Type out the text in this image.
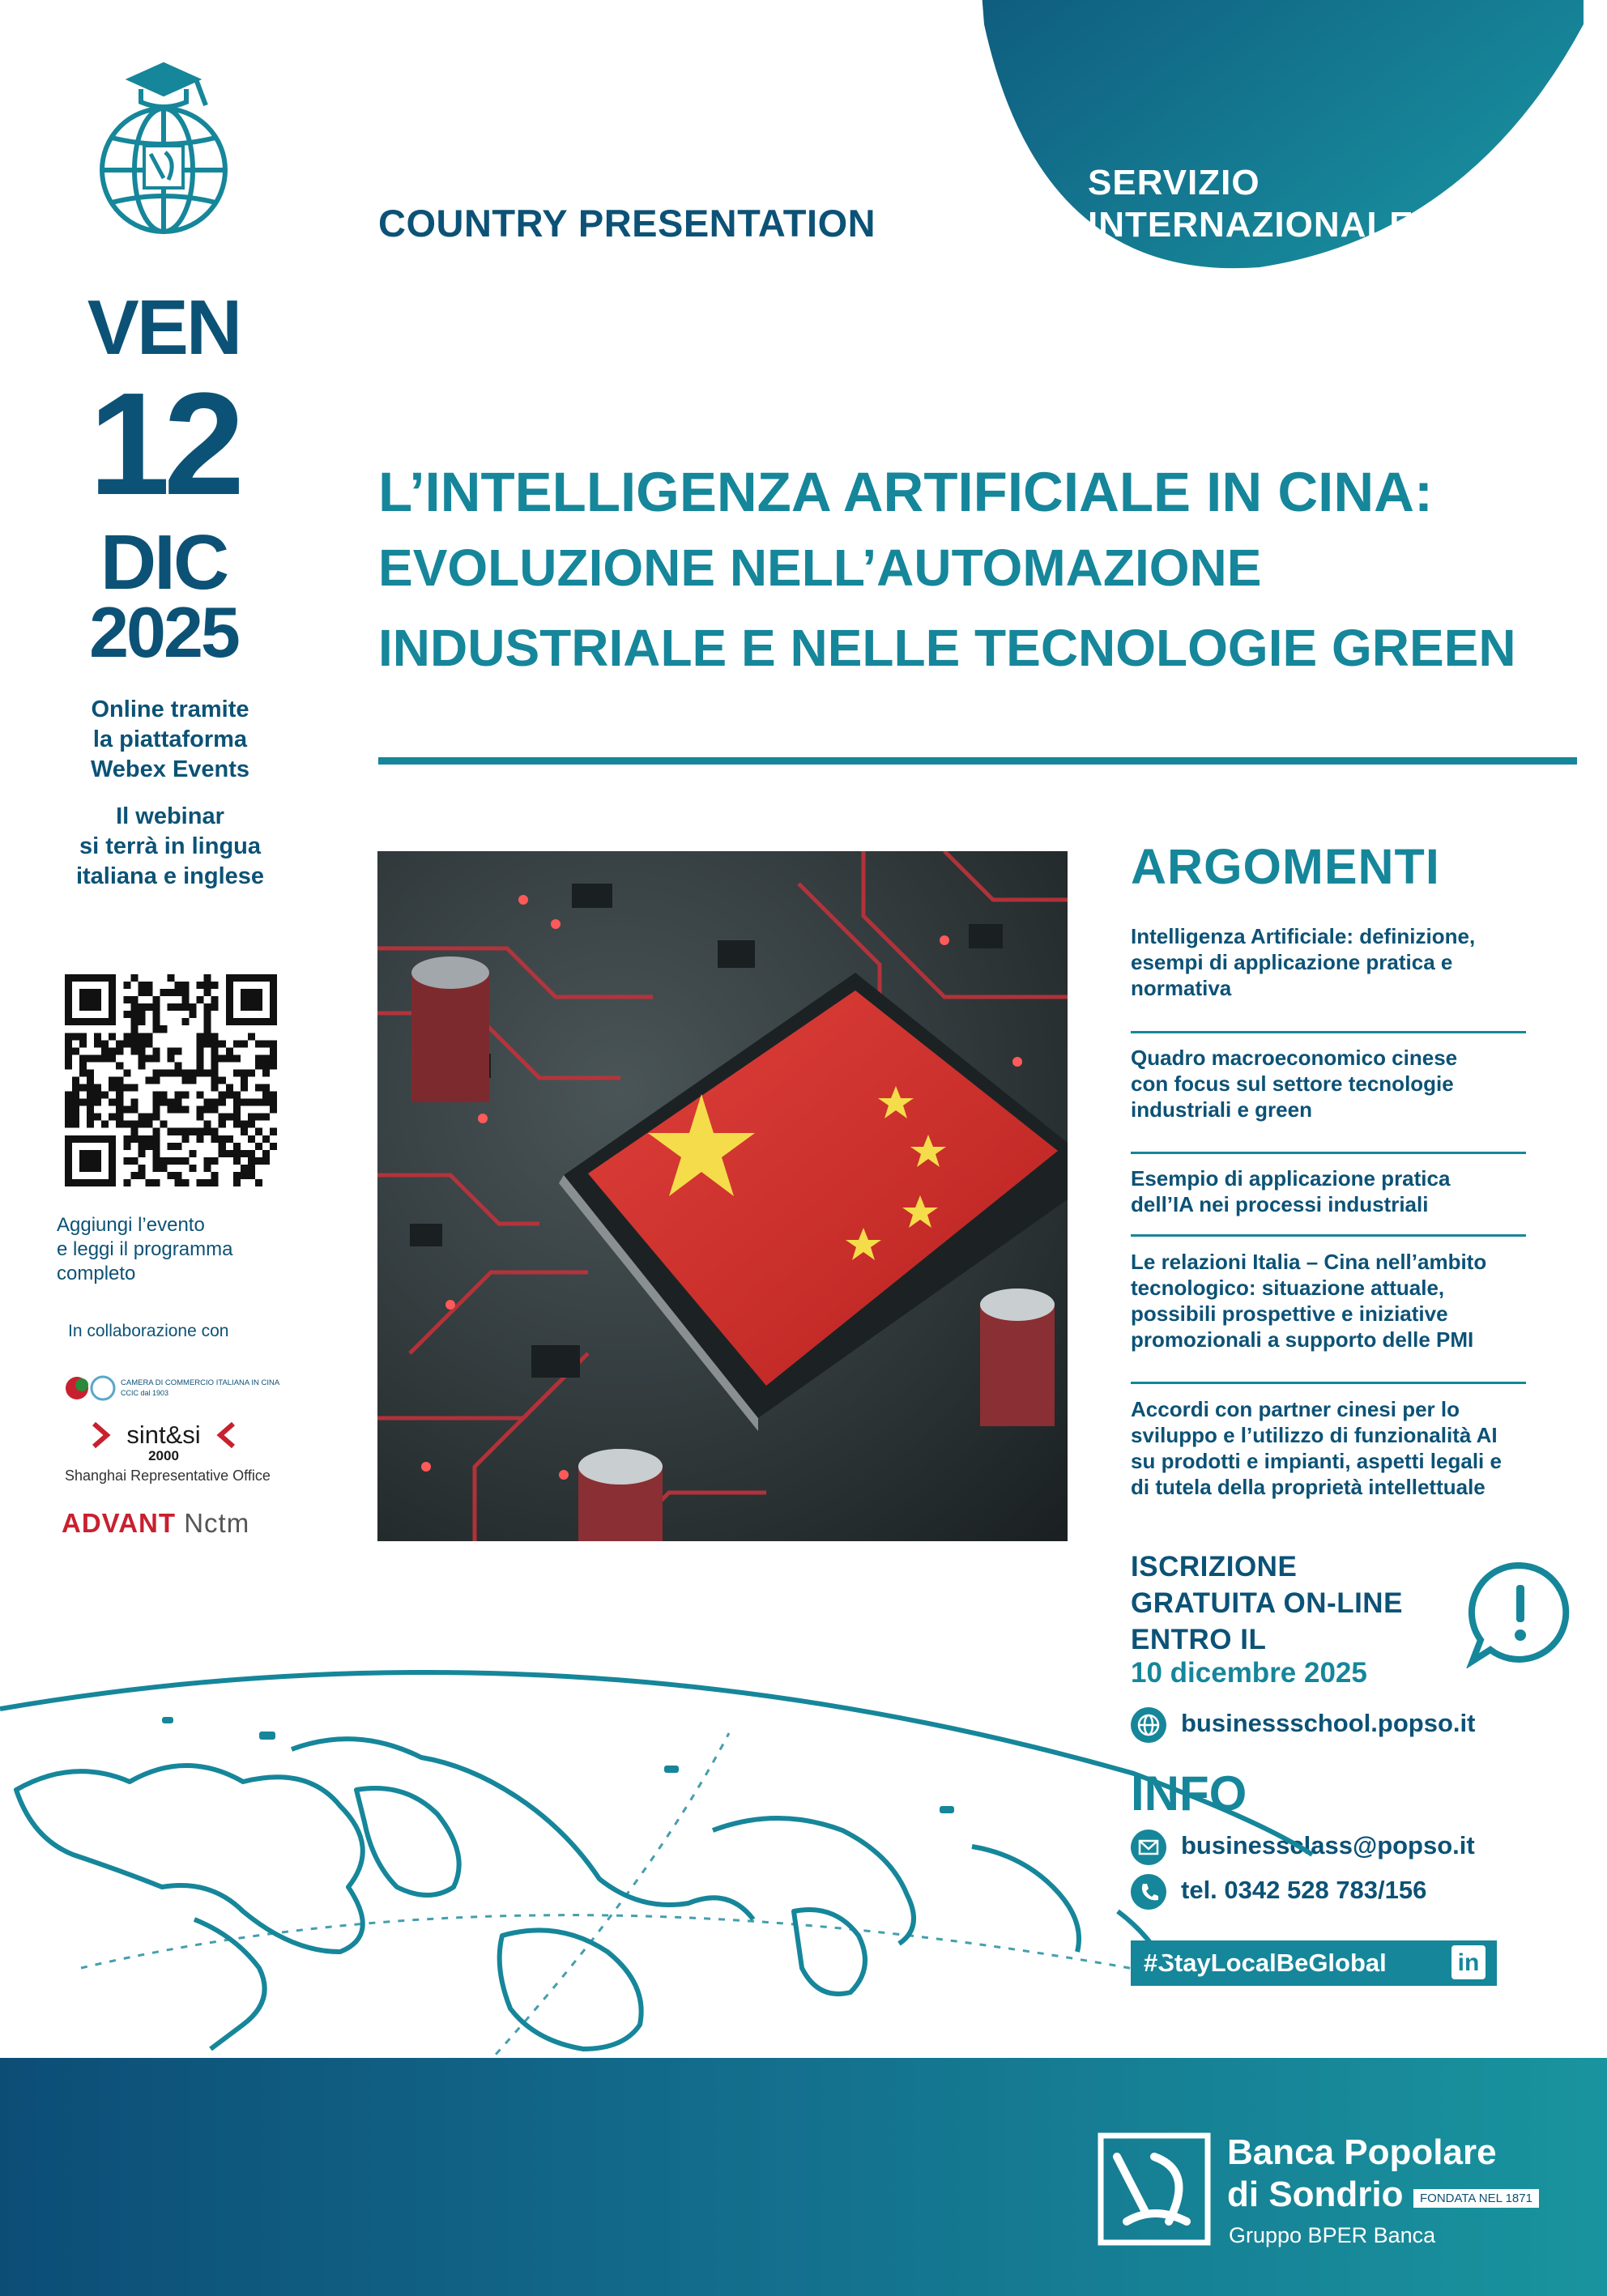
SERVIZIO
INTERNAZIONALE
COUNTRY PRESENTATION
VEN
12
DIC
2025
Online tramite
la piattaforma
Webex Events
Il webinar
si terrà in lingua
italiana e inglese
Aggiungi l’evento
e leggi il programma
completo
In collaborazione con
CAMERA DI COMMERCIO ITALIANA IN CINA
CCIC dal 1903
sint&si
2000
Shanghai Representative Office
ADVANT Nctm
L’INTELLIGENZA ARTIFICIALE IN CINA:
EVOLUZIONE NELL’AUTOMAZIONE
INDUSTRIALE E NELLE TECNOLOGIE GREEN
ARGOMENTI
Intelligenza Artificiale: definizione,
esempi di applicazione pratica e
normativa
Quadro macroeconomico cinese
con focus sul settore tecnologie
industriali e green
Esempio di applicazione pratica
dell’IA nei processi industriali
Le relazioni Italia – Cina nell’ambito
tecnologico: situazione attuale,
possibili prospettive e iniziative
promozionali a supporto delle PMI
Accordi con partner cinesi per lo
sviluppo e l’utilizzo di funzionalità AI
su prodotti e impianti, aspetti legali e
di tutela della proprietà intellettuale
ISCRIZIONE
GRATUITA ON-LINE
ENTRO IL
10 dicembre 2025
businessschool.popso.it
INFO
businessclass@popso.it
tel. 0342 528 783/156
#StayLocalBeGlobal	in
Banca Popolare
di Sondrio	FONDATA NEL 1871
Gruppo BPER Banca
